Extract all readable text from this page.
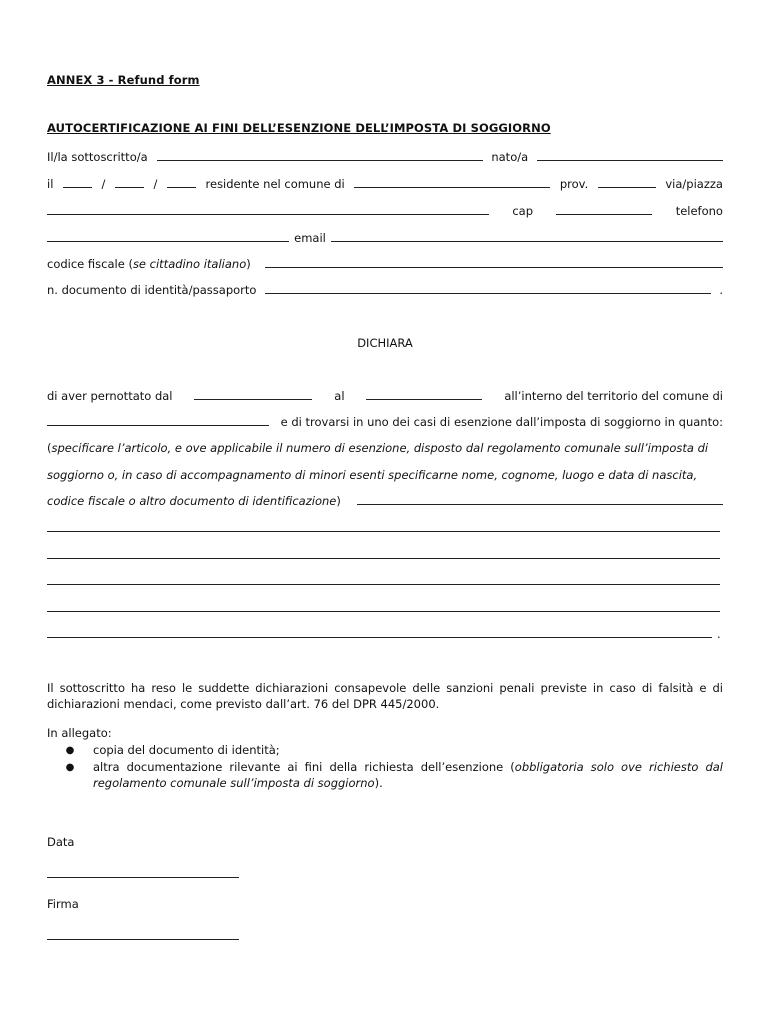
ANNEX 3 - Refund form
AUTOCERTIFICAZIONE AI FINI DELL’ESENZIONE DELL’IMPOSTA DI SOGGIORNO
Il/la sottoscritto/a	nato/a
il	/	/	residente nel comune di	prov.	via/piazza
cap	telefono
email
codice fiscale (se cittadino italiano)
n. documento di identità/passaporto	.
DICHIARA
di aver pernottato dal	al	all’interno del territorio del comune di
e di trovarsi in uno dei casi di esenzione dall’imposta di soggiorno in quanto:
(specificare l’articolo, e ove applicabile il numero di esenzione, disposto dal regolamento comunale sull’imposta di
soggiorno o, in caso di accompagnamento di minori esenti specificarne nome, cognome, luogo e data di nascita,
codice fiscale o altro documento di identificazione)
.
Il sottoscritto ha reso le suddette dichiarazioni consapevole delle sanzioni penali previste in caso di falsità e di dichiarazioni mendaci, come previsto dall’art. 76 del DPR 445/2000.
In allegato:
●	copia del documento di identità;
●	altra documentazione rilevante ai fini della richiesta dell’esenzione (obbligatoria solo ove richiesto dal regolamento comunale sull’imposta di soggiorno).
Data
Firma
